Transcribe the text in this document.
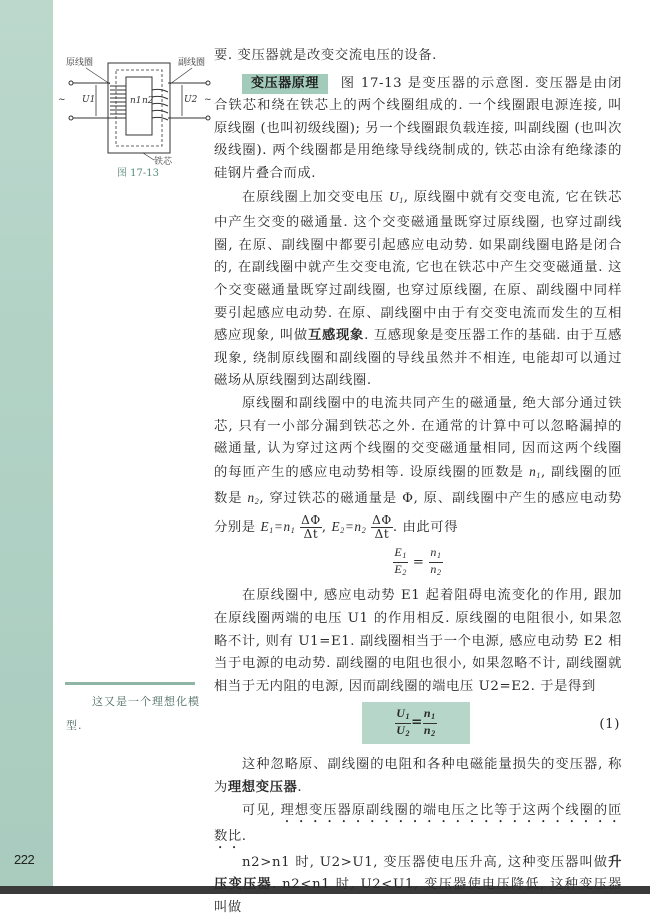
222
原线圈	副线圈
~	~
U1	U2
n1 n2
铁芯
图 17-13
这又是一个理想化模型.

要. 变压器就是改变交流电压的设备.

变压器原理 图 17-13 是变压器的示意图. 变压器是由闭合铁芯和绕在铁芯上的两个线圈组成的. 一个线圈跟电源连接, 叫原线圈 (也叫初级线圈); 另一个线圈跟负载连接, 叫副线圈 (也叫次级线圈). 两个线圈都是用绝缘导线绕制成的, 铁芯由涂有绝缘漆的硅钢片叠合而成.

在原线圈上加交变电压 $U_1$, 原线圈中就有交变电流, 它在铁芯中产生交变的磁通量. 这个交变磁通量既穿过原线圈, 也穿过副线圈, 在原、副线圈中都要引起感应电动势. 如果副线圈电路是闭合的, 在副线圈中就产生交变电流, 它也在铁芯中产生交变磁通量. 这个交变磁通量既穿过副线圈, 也穿过原线圈, 在原、副线圈中同样要引起感应电动势. 在原、副线圈中由于有交变电流而发生的互相感应现象, 叫做互感现象. 互感现象是变压器工作的基础. 由于互感现象, 绕制原线圈和副线圈的导线虽然并不相连, 电能却可以通过磁场从原线圈到达副线圈.

原线圈和副线圈中的电流共同产生的磁通量, 绝大部分通过铁芯, 只有一小部分漏到铁芯之外. 在通常的计算中可以忽略漏掉的磁通量, 认为穿过这两个线圈的交变磁通量相同, 因而这两个线圈的每匝产生的感应电动势相等. 设原线圈的匝数是 $n_1$, 副线圈的匝数是 $n_2$, 穿过铁芯的磁通量是 Φ, 原、副线圈中产生的感应电动势分别是 $E_1=n_1 \frac{\Delta\Phi}{\Delta t}$ , $E_2=n_2 \frac{\Delta\Phi}{\Delta t}$ . 由此可得

$\frac{E_1}{E_2} = \frac{n_1}{n_2}$

在原线圈中, 感应电动势 E1 起着阻碍电流变化的作用, 跟加在原线圈两端的电压 U1 的作用相反. 原线圈的电阻很小, 如果忽略不计, 则有 U1=E1. 副线圈相当于一个电源, 感应电动势 E2 相当于电源的电动势. 副线圈的电阻也很小, 如果忽略不计, 副线圈就相当于无内阻的电源, 因而副线圈的端电压 U2=E2. 于是得到

$\frac{U_1}{U_2} = \frac{n_1}{n_2}$	(1)

这种忽略原、副线圈的电阻和各种电磁能量损失的变压器, 称为理想变压器.

可见, 理想变压器原副线圈的端电压之比等于这两个线圈的匝数比.

n2>n1 时, U2>U1, 变压器使电压升高, 这种变压器叫做升压变压器. n2<n1 时, U2<U1, 变压器使电压降低, 这种变压器叫做
